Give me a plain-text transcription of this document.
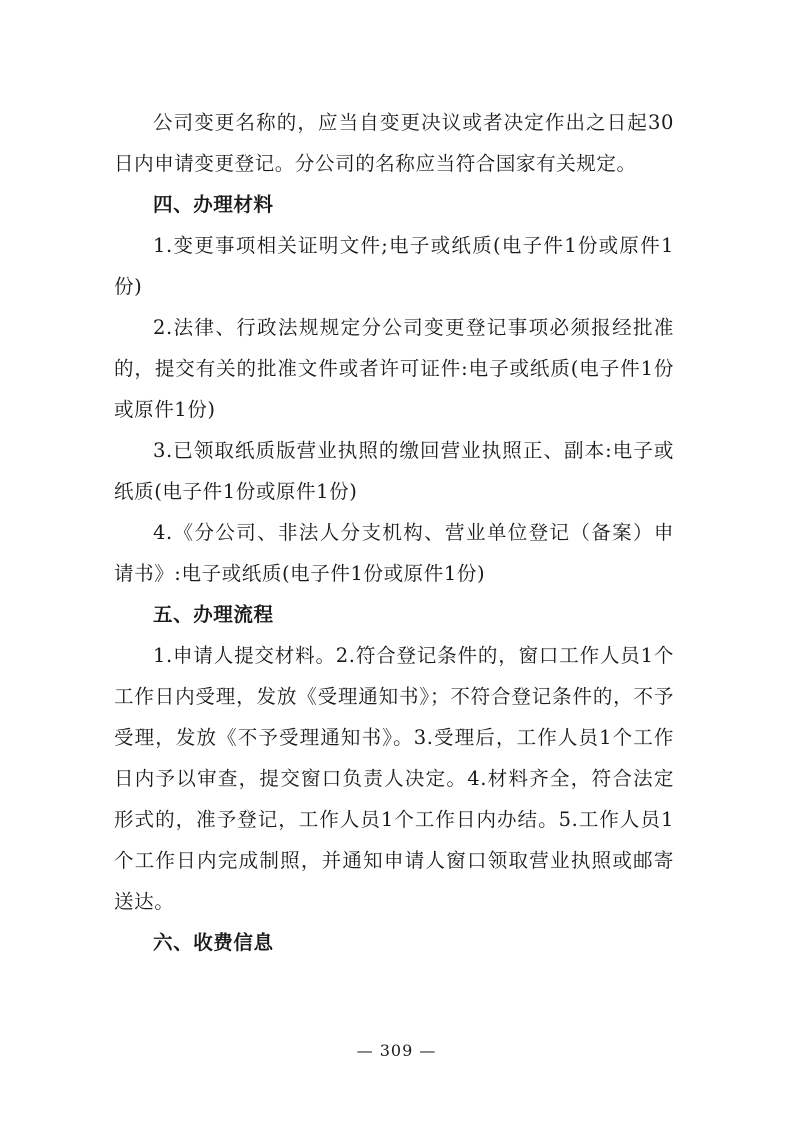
公司变更名称的，应当自变更决议或者决定作出之日起30日内申请变更登记。分公司的名称应当符合国家有关规定。

四、办理材料

1.变更事项相关证明文件;电子或纸质(电子件1份或原件1份)

2.法律、行政法规规定分公司变更登记事项必须报经批准的，提交有关的批准文件或者许可证件:电子或纸质(电子件1份或原件1份)

3.已领取纸质版营业执照的缴回营业执照正、副本:电子或纸质(电子件1份或原件1份)

4.《分公司、非法人分支机构、营业单位登记（备案）申请书》:电子或纸质(电子件1份或原件1份)

五、办理流程

1.申请人提交材料。2.符合登记条件的，窗口工作人员1个工作日内受理，发放《受理通知书》；不符合登记条件的，不予受理，发放《不予受理通知书》。3.受理后，工作人员1个工作日内予以审查，提交窗口负责人决定。4.材料齐全，符合法定形式的，准予登记，工作人员1个工作日内办结。5.工作人员1个工作日内完成制照，并通知申请人窗口领取营业执照或邮寄送达。

六、收费信息

— 309 —
